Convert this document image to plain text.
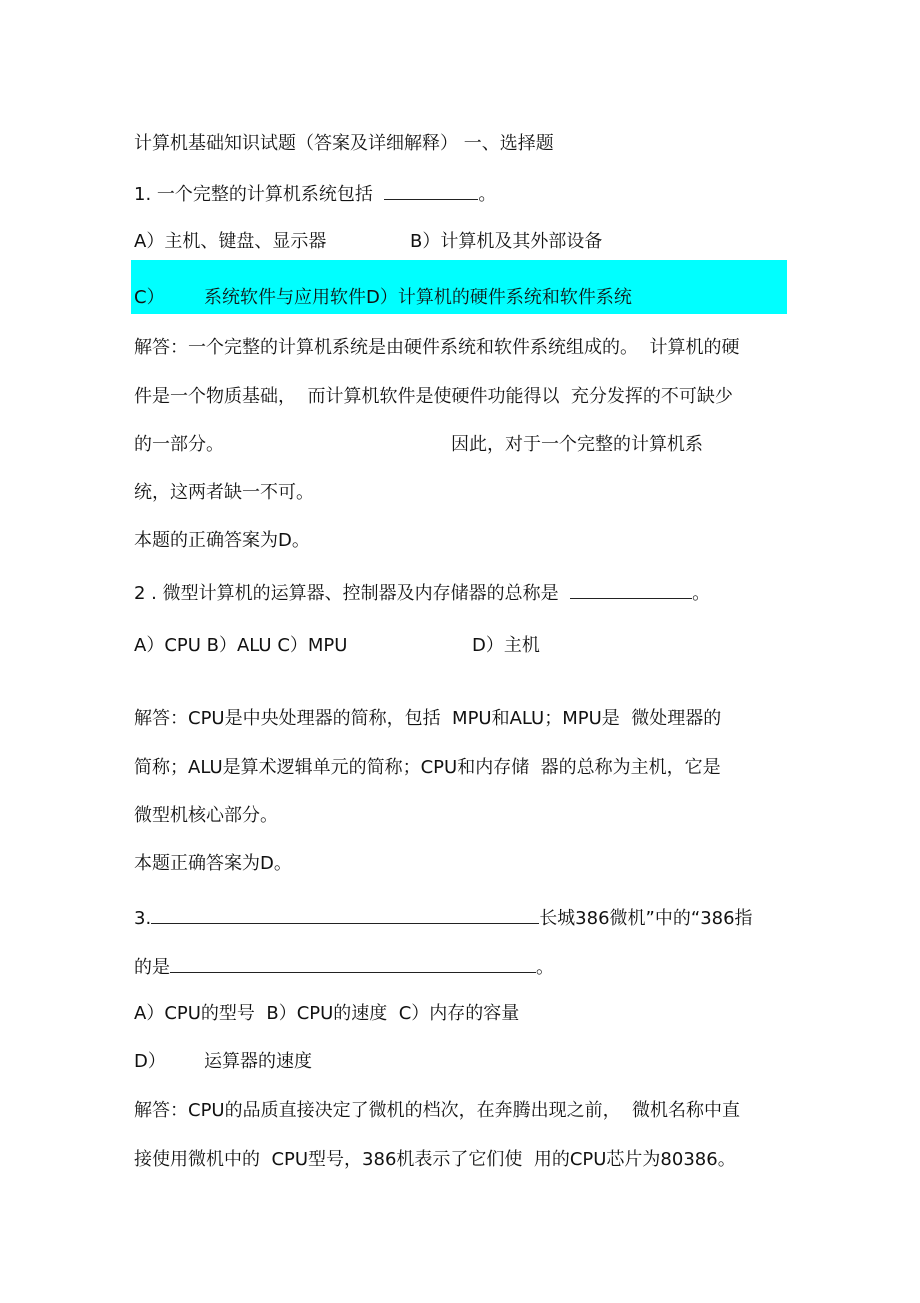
计算机基础知识试题（答案及详细解释） 一、选择题
1. 一个完整的计算机系统包括	。
A）主机、键盘、显示器	B）计算机及其外部设备
C） 系统软件与应用软件D）计算机的硬件系统和软件系统
解答：一个完整的计算机系统是由硬件系统和软件系统组成的。  计算机的硬
件是一个物质基础，  而计算机软件是使硬件功能得以  充分发挥的不可缺少
的一部分。	因此，对于一个完整的计算机系
统，这两者缺一不可。
本题的正确答案为D。
2 . 微型计算机的运算器、控制器及内存储器的总称是	。
A）CPU B）ALU C）MPU	D）主机
解答：CPU是中央处理器的简称，包括  MPU和ALU；MPU是  微处理器的
简称；ALU是算术逻辑单元的简称；CPU和内存储  器的总称为主机，它是
微型机核心部分。
本题正确答案为D。
3.	长城386微机”中的“386指
的是	。
A）CPU的型号  B）CPU的速度  C）内存的容量
D） 运算器的速度
解答：CPU的品质直接决定了微机的档次，在奔腾出现之前，  微机名称中直
接使用微机中的  CPU型号，386机表示了它们使  用的CPU芯片为80386。
